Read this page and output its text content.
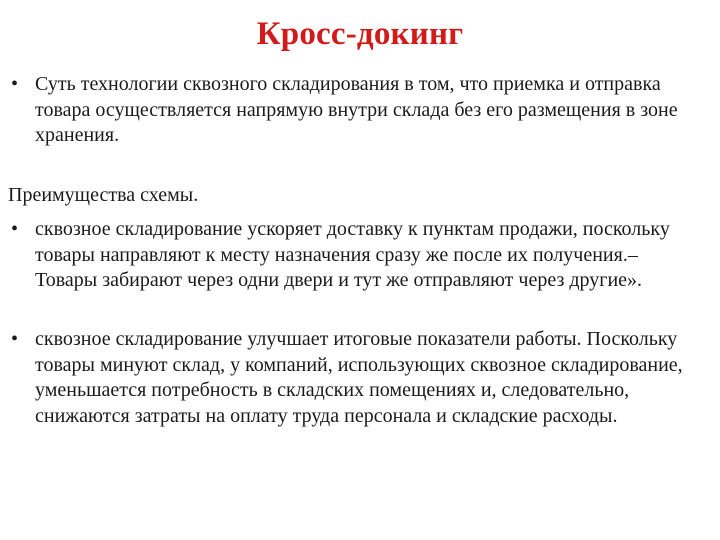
Кросс-докинг
• Суть технологии сквозного складирования в том, что приемка и отправка товара осуществляется напрямую внутри склада без его размещения в зоне хранения.

Преимущества схемы.

• сквозное складирование ускоряет доставку к пунктам продажи, поскольку товары направляют к месту назначения сразу же после их получения.– Товары забирают через одни двери и тут же отправляют через другие».

• сквозное складирование улучшает итоговые показатели работы. Поскольку товары минуют склад, у компаний, использующих сквозное складирование, уменьшается потребность в складских помещениях и, следовательно, снижаются затраты на оплату труда персонала и складские расходы.
